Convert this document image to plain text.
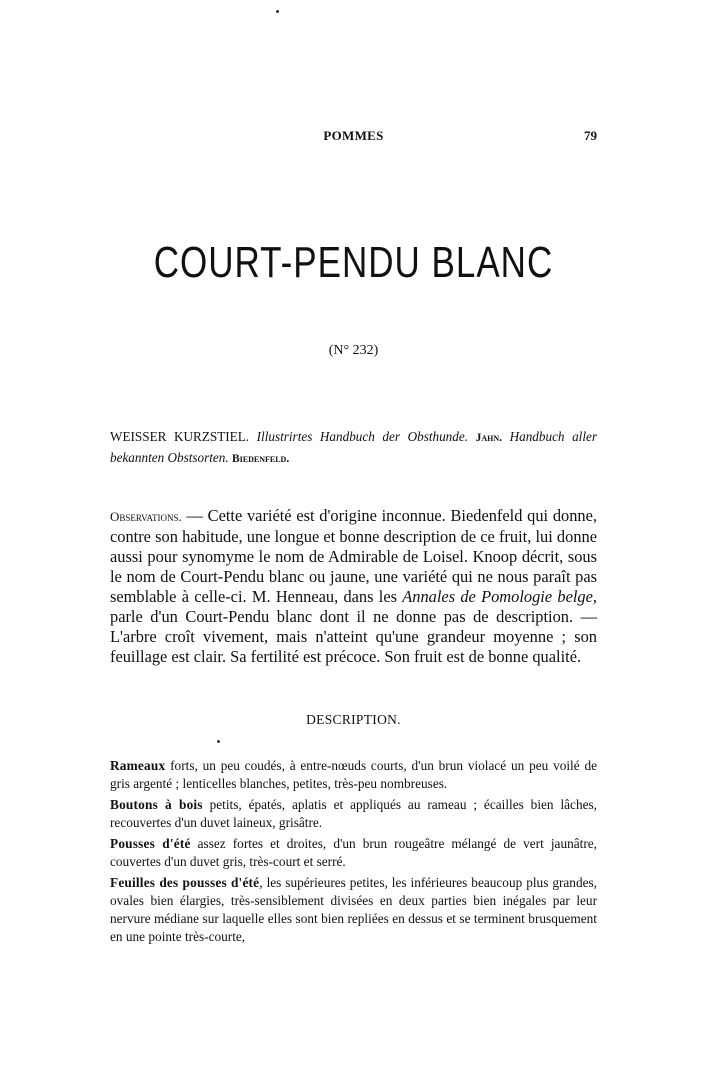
POMMES	79
COURT-PENDU BLANC
(N° 232)
WEISSER KURZSTIEL. Illustrirtes Handbuch der Obsthunde. Jahn. Handbuch aller bekannten Obstsorten. Biedenfeld.

Observations. — Cette variété est d'origine inconnue. Biedenfeld qui donne, contre son habitude, une longue et bonne description de ce fruit, lui donne aussi pour synomyme le nom de Admirable de Loisel. Knoop décrit, sous le nom de Court-Pendu blanc ou jaune, une variété qui ne nous paraît pas semblable à celle-ci. M. Henneau, dans les Annales de Pomologie belge, parle d'un Court-Pendu blanc dont il ne donne pas de description. — L'arbre croît vivement, mais n'atteint qu'une grandeur moyenne ; son feuillage est clair. Sa fertilité est précoce. Son fruit est de bonne qualité.

DESCRIPTION.

Rameaux forts, un peu coudés, à entre-nœuds courts, d'un brun violacé un peu voilé de gris argenté ; lenticelles blanches, petites, très-peu nombreuses.

Boutons à bois petits, épatés, aplatis et appliqués au rameau ; écailles bien lâches, recouvertes d'un duvet laineux, grisâtre.

Pousses d'été assez fortes et droites, d'un brun rougeâtre mélangé de vert jaunâtre, couvertes d'un duvet gris, très-court et serré.

Feuilles des pousses d'été, les supérieures petites, les inférieures beaucoup plus grandes, ovales bien élargies, très-sensiblement divisées en deux parties bien inégales par leur nervure médiane sur laquelle elles sont bien repliées en dessus et se terminent brusquement en une pointe très-courte,
